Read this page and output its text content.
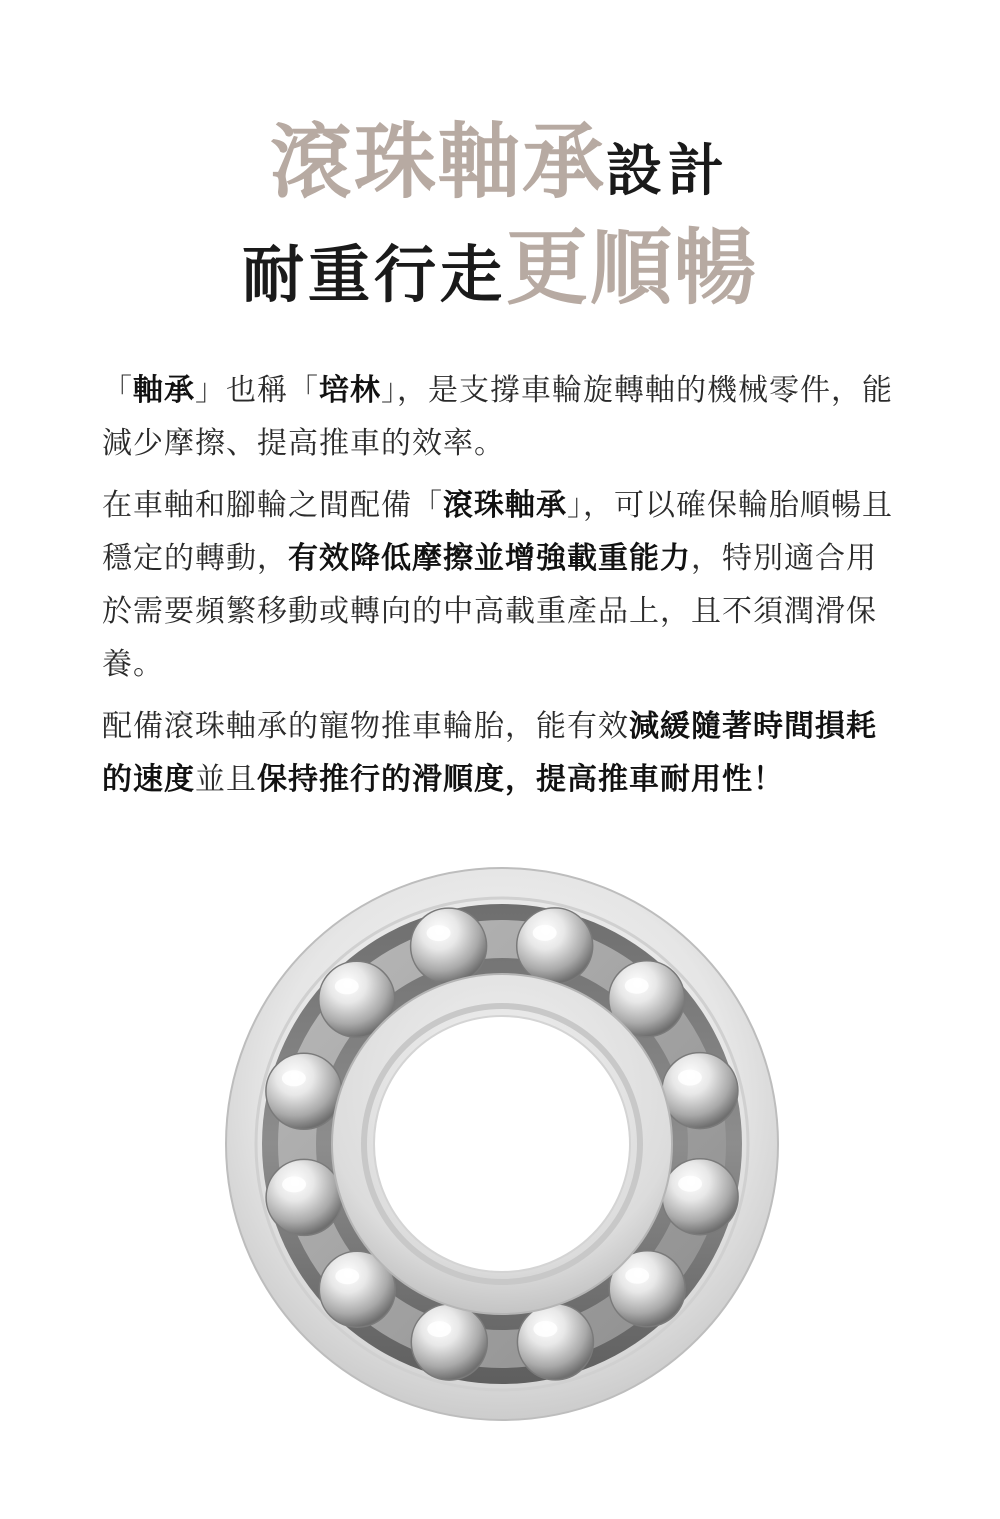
滾珠軸承設計
耐重行走更順暢

「軸承」也稱「培林」，是支撐車輪旋轉軸的機械零件，能減少摩擦、提高推車的效率。

在車軸和腳輪之間配備「滾珠軸承」，可以確保輪胎順暢且穩定的轉動，有效降低摩擦並增強載重能力，特別適合用於需要頻繁移動或轉向的中高載重產品上，且不須潤滑保養。

配備滾珠軸承的寵物推車輪胎，能有效減緩隨著時間損耗的速度並且保持推行的滑順度，提高推車耐用性！
